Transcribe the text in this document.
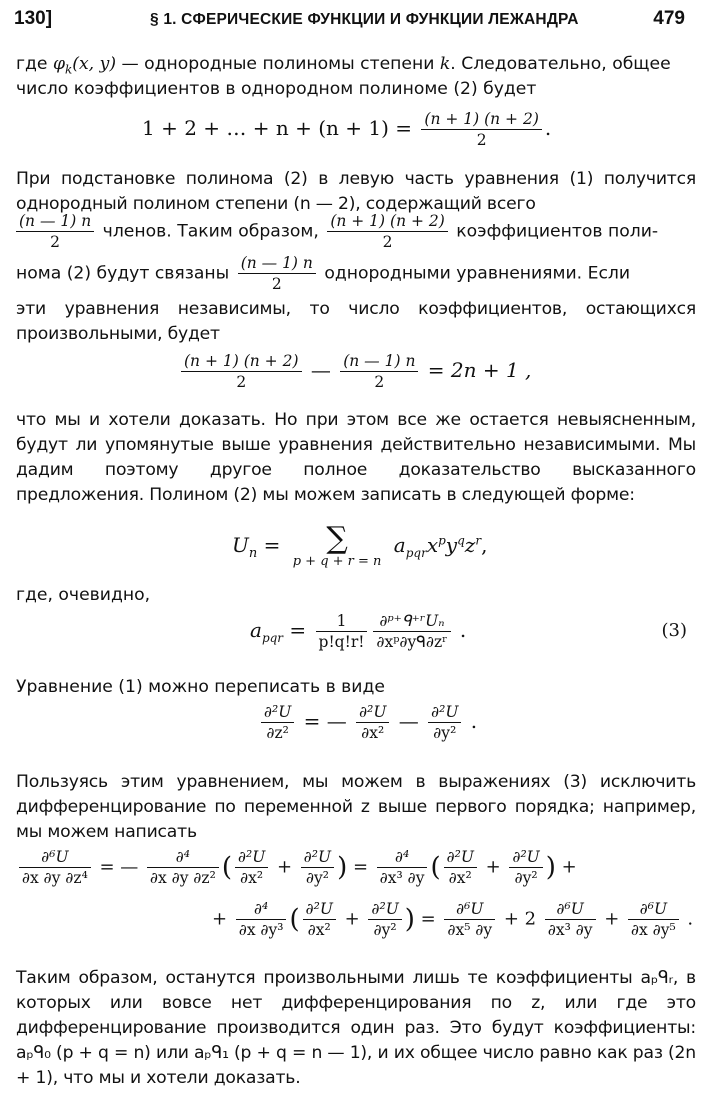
130]	§ 1. СФЕРИЧЕСКИЕ ФУНКЦИИ И ФУНКЦИИ ЛЕЖАНДРА	479
где $\varphi_k(x$, y) — однородные полиномы степени k. Следовательно, общее
число коэффициентов в однородном полиноме (2) будет
1 + 2 + … + $n + (n + 1) = \frac{(n + 1) (n + 2)}{2}$ .
При подстановке полинома (2) в левую часть уравнения (1) получится однородный полином степени (n — 2), содержащий всего
$\frac{(n — 1) n}{2}$ членов. Таким образом, $\frac{(n + 1) (n + 2)}{2}$ коэффициентов поли-
нома (2) будут связаны $\frac{(n — 1) n}{2}$ однородными уравнениями. Если
эти уравнения независимы, то число коэффициентов, остающихся произвольными, будет
$\frac{(n + 1) (n + 2)}{2}$ — $\frac{(n — 1) n}{2} = 2n + 1$ ,
что мы и хотели доказать. Но при этом все же остается невыясненным, будут ли упомянутые выше уравнения действительно независимыми. Мы дадим поэтому другое полное доказательство высказанного предложения. Полином (2) мы можем записать в следующей форме:
$U_n$ =	∑
p + q + r = n
$a_{pqr}x^py^qz^r$,
где, очевидно,
$a_{pqr} = \frac{1}{p!q!r!} \frac{\text{∂ᵖ⁺ᑫ⁺ʳUₙ}}{\text{∂xᵖ∂yᑫ∂zʳ}}$ .	(3)
Уравнение (1) можно переписать в виде
$\frac{\text{∂²U}}{\text{∂z²}}$ = — $\frac{\text{∂²U}}{\text{∂x²}}$ — $\frac{\text{∂²U}}{\text{∂y²}}$ .
Пользуясь этим уравнением, мы можем в выражениях (3) исключить дифференцирование по переменной z выше первого порядка; например, мы можем написать
$\frac{\text{∂⁶U}}{\text{∂x ∂y ∂z⁴}}$ = — $\frac{\text{∂⁴}}{\text{∂x ∂y ∂z²}}$ ( $\frac{\text{∂²U}}{\text{∂x²}} + \frac{\text{∂²U}}{\text{∂y²}}$ ) = $\frac{\text{∂⁴}}{\text{∂x³ ∂y}}$ ( $\frac{\text{∂²U}}{\text{∂x²}} + \frac{\text{∂²U}}{\text{∂y²}}$ ) +
+ $\frac{\text{∂⁴}}{\text{∂x ∂y³}}$ ( $\frac{\text{∂²U}}{\text{∂x²}} + \frac{\text{∂²U}}{\text{∂y²}}$ ) = $\frac{\text{∂⁶U}}{\text{∂x⁵ ∂y}} + 2 \frac{\text{∂⁶U}}{\text{∂x³ ∂y}} + \frac{\text{∂⁶U}}{\text{∂x ∂y⁵}}$ .
Таким образом, останутся произвольными лишь те коэффициенты aₚᑫᵣ, в которых или вовсе нет дифференцирования по z, или где это дифференцирование производится один раз. Это будут коэффициенты: aₚᑫ₀ (p + q = n) или aₚᑫ₁ (p + q = n — 1), и их общее число равно как раз (2n + 1), что мы и хотели доказать.
